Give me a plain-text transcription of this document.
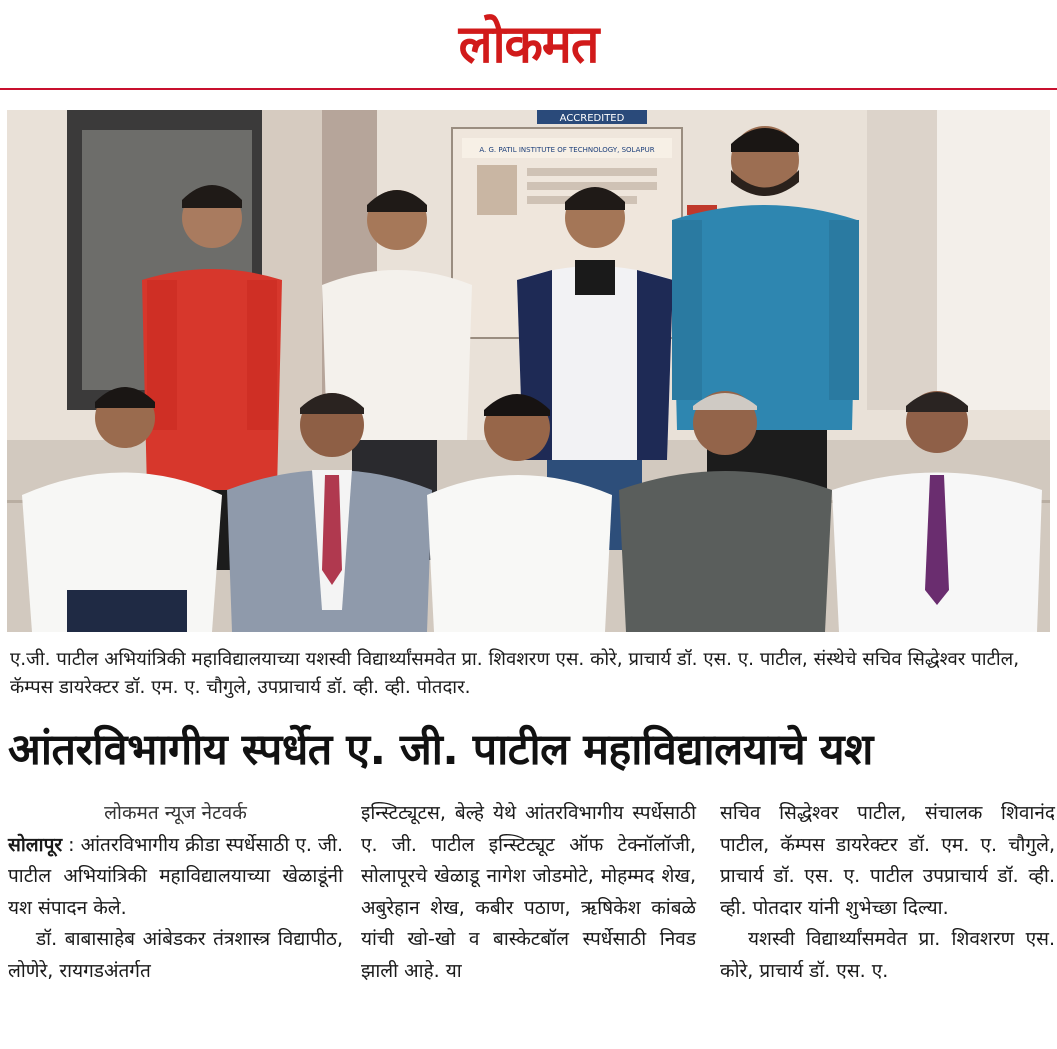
लोकमत
ACCREDITED
A. G. PATIL INSTITUTE OF TECHNOLOGY, SOLAPUR
ए.जी. पाटील अभियांत्रिकी महाविद्यालयाच्या यशस्वी विद्यार्थ्यांसमवेत प्रा. शिवशरण एस. कोरे, प्राचार्य डॉ. एस. ए. पाटील, संस्थेचे सचिव सिद्धेश्वर पाटील, कॅम्पस डायरेक्टर डॉ. एम. ए. चौगुले, उपप्राचार्य डॉ. व्ही. व्ही. पोतदार.
आंतरविभागीय स्पर्धेत ए. जी. पाटील महाविद्यालयाचे यश
लोकमत न्यूज नेटवर्क

सोलापूर : आंतरविभागीय क्रीडा स्पर्धेसाठी ए. जी. पाटील अभियांत्रिकी महाविद्यालयाच्या खेळाडूंनी यश संपादन केले.

डॉ. बाबासाहेब आंबेडकर तंत्रशास्त्र विद्यापीठ, लोणेरे, रायगडअंतर्गत

इन्स्टिट्यूटस, बेल्हे येथे आंतरविभागीय स्पर्धेसाठी ए. जी. पाटील इन्स्टिट्यूट ऑफ टेक्नॉलॉजी, सोलापूरचे खेळाडू नागेश जोडमोटे, मोहम्मद शेख, अबुरेहान शेख, कबीर पठाण, ऋषिकेश कांबळे यांची खो-खो व बास्केटबॉल स्पर्धेसाठी निवड झाली आहे. या

सचिव सिद्धेश्वर पाटील, संचालक शिवानंद पाटील, कॅम्पस डायरेक्टर डॉ. एम. ए. चौगुले, प्राचार्य डॉ. एस. ए. पाटील उपप्राचार्य डॉ. व्ही. व्ही. पोतदार यांनी शुभेच्छा दिल्या.

यशस्वी विद्यार्थ्यांसमवेत प्रा. शिवशरण एस. कोरे, प्राचार्य डॉ. एस. ए.
